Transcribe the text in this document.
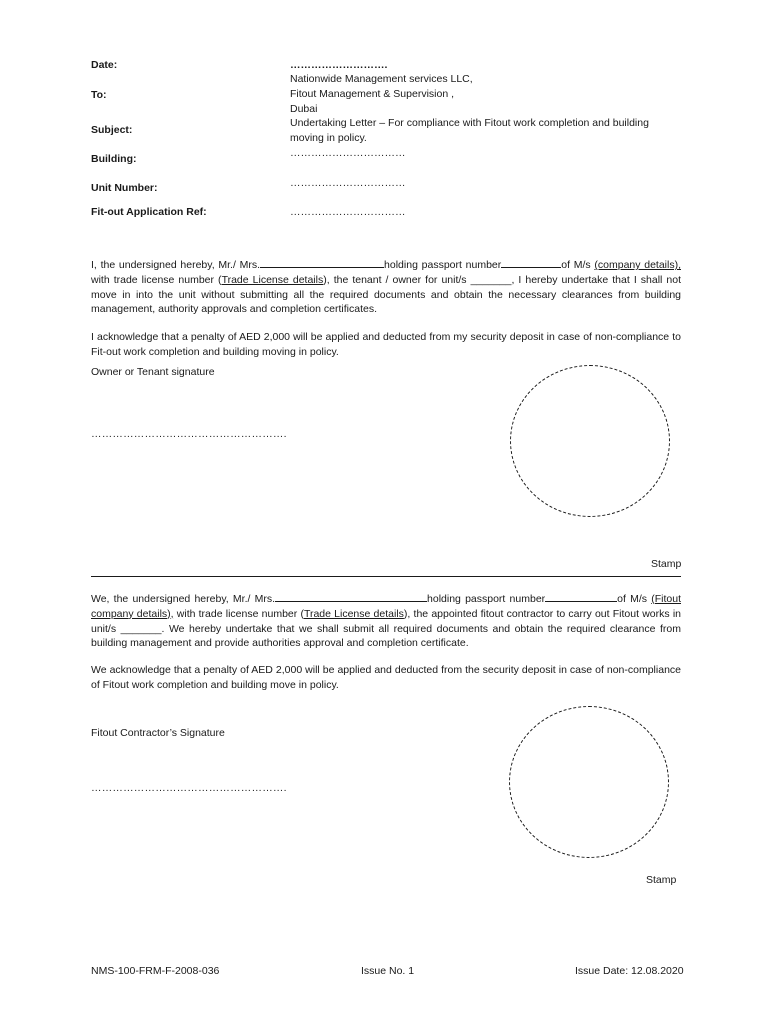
Date:	……………………….
To:
Nationwide Management services LLC,
Fitout Management & Supervision ,
Dubai
Subject:
Undertaking Letter – For compliance with Fitout work completion and building
moving in policy.
Building:	……………………………
Unit Number:	……………………………
Fit-out Application Ref:	……………………………
I, the undersigned hereby, Mr./ Mrs.	holding passport number	of M/s (company details), with trade license number (Trade License details), the tenant / owner for unit/s _______, I hereby undertake that I shall not move in into the unit without submitting all the required documents and obtain the necessary clearances from building management, authority approvals and completion certificates.
I acknowledge that a penalty of AED 2,000 will be applied and deducted from my security deposit in case of non-compliance to Fit-out work completion and building moving in policy.
Owner or Tenant signature
……………………………………………….
Stamp
We, the undersigned hereby, Mr./ Mrs.	holding passport number	of M/s (Fitout company details), with trade license number (Trade License details), the appointed fitout contractor to carry out Fitout works in unit/s _______. We hereby undertake that we shall submit all required documents and obtain the required clearance from building management and provide authorities approval and completion certificate.
We acknowledge that a penalty of AED 2,000 will be applied and deducted from the security deposit in case of non-compliance of Fitout work completion and building move in policy.
Fitout Contractor’s Signature
……………………………………………….
Stamp
NMS-100-FRM-F-2008-036	Issue No. 1	Issue Date: 12.08.2020
